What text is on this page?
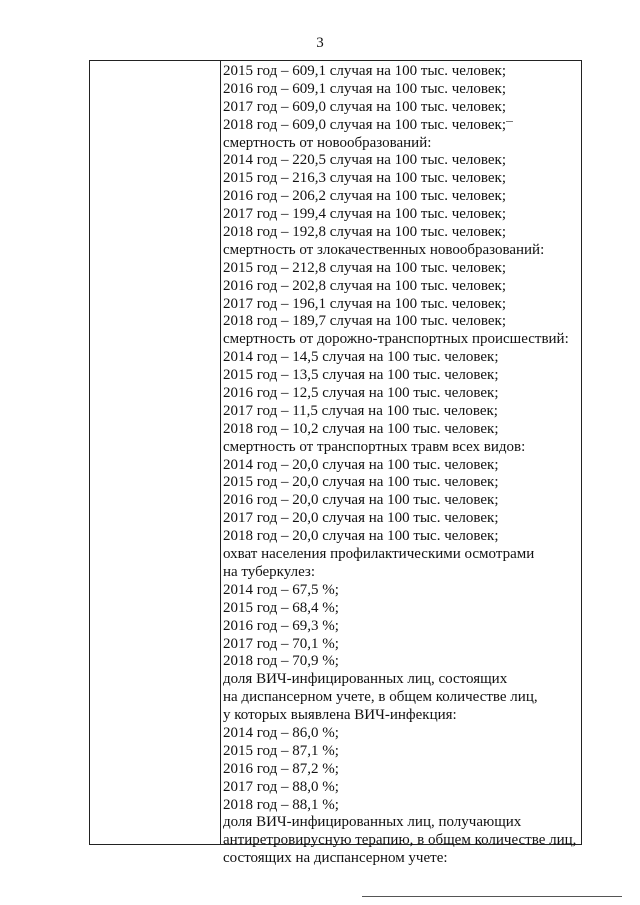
3
2015 год – 609,1 случая на 100 тыс. человек;
2016 год – 609,1 случая на 100 тыс. человек;
2017 год – 609,0 случая на 100 тыс. человек;
2018 год – 609,0 случая на 100 тыс. человек;
смертность от новообразований:
2014 год – 220,5 случая на 100 тыс. человек;
2015 год – 216,3 случая на 100 тыс. человек;
2016 год – 206,2 случая на 100 тыс. человек;
2017 год – 199,4 случая на 100 тыс. человек;
2018 год – 192,8 случая на 100 тыс. человек;
смертность от злокачественных новообразований:
2015 год – 212,8 случая на 100 тыс. человек;
2016 год – 202,8 случая на 100 тыс. человек;
2017 год – 196,1 случая на 100 тыс. человек;
2018 год – 189,7 случая на 100 тыс. человек;
смертность от дорожно-транспортных происшествий:
2014 год – 14,5 случая на 100 тыс. человек;
2015 год – 13,5 случая на 100 тыс. человек;
2016 год – 12,5 случая на 100 тыс. человек;
2017 год – 11,5 случая на 100 тыс. человек;
2018 год – 10,2 случая на 100 тыс. человек;
смертность от транспортных травм всех видов:
2014 год – 20,0 случая на 100 тыс. человек;
2015 год – 20,0 случая на 100 тыс. человек;
2016 год – 20,0 случая на 100 тыс. человек;
2017 год – 20,0 случая на 100 тыс. человек;
2018 год – 20,0 случая на 100 тыс. человек;
охват населения профилактическими осмотрами
на туберкулез:
2014 год – 67,5 %;
2015 год – 68,4 %;
2016 год – 69,3 %;
2017 год – 70,1 %;
2018 год – 70,9 %;
доля ВИЧ-инфицированных лиц, состоящих
на диспансерном учете, в общем количестве лиц,
у которых выявлена ВИЧ-инфекция:
2014 год – 86,0 %;
2015 год – 87,1 %;
2016 год – 87,2 %;
2017 год – 88,0 %;
2018 год – 88,1 %;
доля ВИЧ-инфицированных лиц, получающих
антиретровирусную терапию, в общем количестве лиц,
состоящих на диспансерном учете:
